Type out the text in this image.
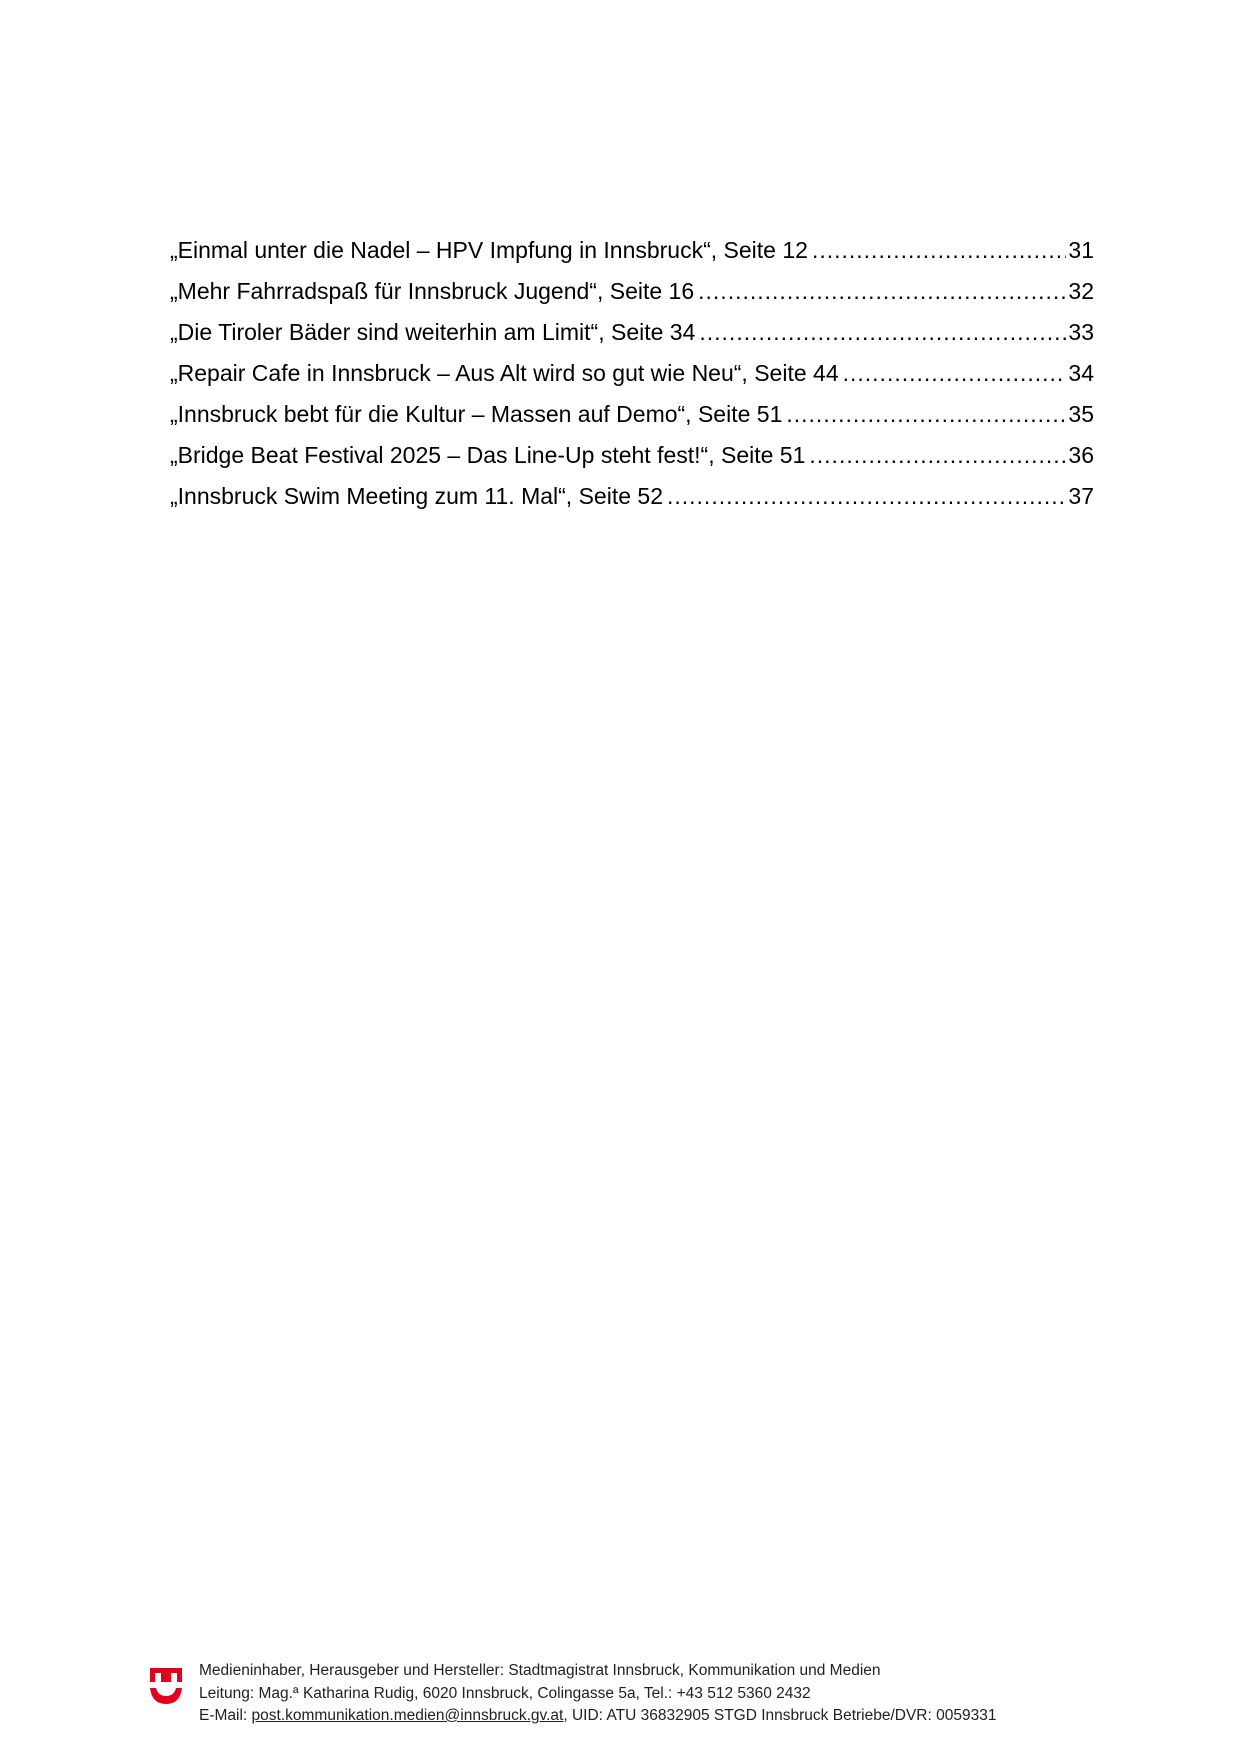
„Einmal unter die Nadel – HPV Impfung in Innsbruck“, Seite 12 .....	31
„Mehr Fahrradspaß für Innsbruck Jugend“, Seite 16 .....	32
„Die Tiroler Bäder sind weiterhin am Limit“, Seite 34 .....	33
„Repair Cafe in Innsbruck – Aus Alt wird so gut wie Neu“, Seite 44 .....	34
„Innsbruck bebt für die Kultur – Massen auf Demo“, Seite 51 .....	35
„Bridge Beat Festival 2025 – Das Line-Up steht fest!“, Seite 51 .....	36
„Innsbruck Swim Meeting zum 11. Mal“, Seite 52 .....	37
Medieninhaber, Herausgeber und Hersteller: Stadtmagistrat Innsbruck, Kommunikation und Medien
Leitung: Mag.ª Katharina Rudig, 6020 Innsbruck, Colingasse 5a, Tel.: +43 512 5360 2432
E-Mail: post.kommunikation.medien@innsbruck.gv.at, UID: ATU 36832905 STGD Innsbruck Betriebe/DVR: 0059331
